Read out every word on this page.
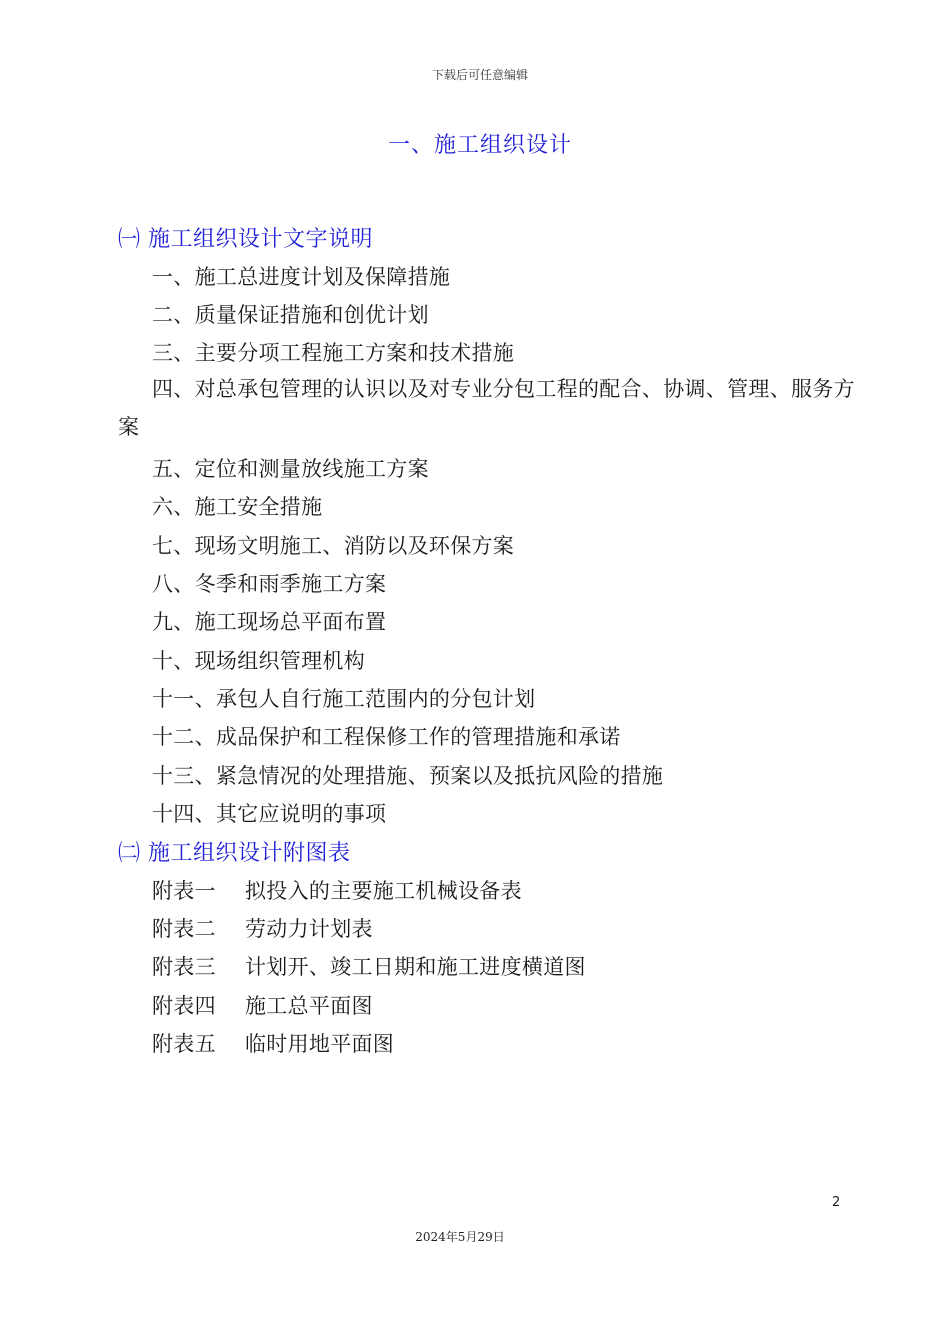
下载后可任意编辑
一、施工组织设计
㈠ 施工组织设计文字说明
一、施工总进度计划及保障措施
二、质量保证措施和创优计划
三、主要分项工程施工方案和技术措施
四、对总承包管理的认识以及对专业分包工程的配合、协调、管理、服务方案
五、定位和测量放线施工方案
六、施工安全措施
七、现场文明施工、消防以及环保方案
八、冬季和雨季施工方案
九、施工现场总平面布置
十、现场组织管理机构
十一、承包人自行施工范围内的分包计划
十二、成品保护和工程保修工作的管理措施和承诺
十三、紧急情况的处理措施、预案以及抵抗风险的措施
十四、其它应说明的事项
㈡ 施工组织设计附图表
附表一 拟投入的主要施工机械设备表
附表二 劳动力计划表
附表三 计划开、竣工日期和施工进度横道图
附表四 施工总平面图
附表五 临时用地平面图
2
2024年5月29日
